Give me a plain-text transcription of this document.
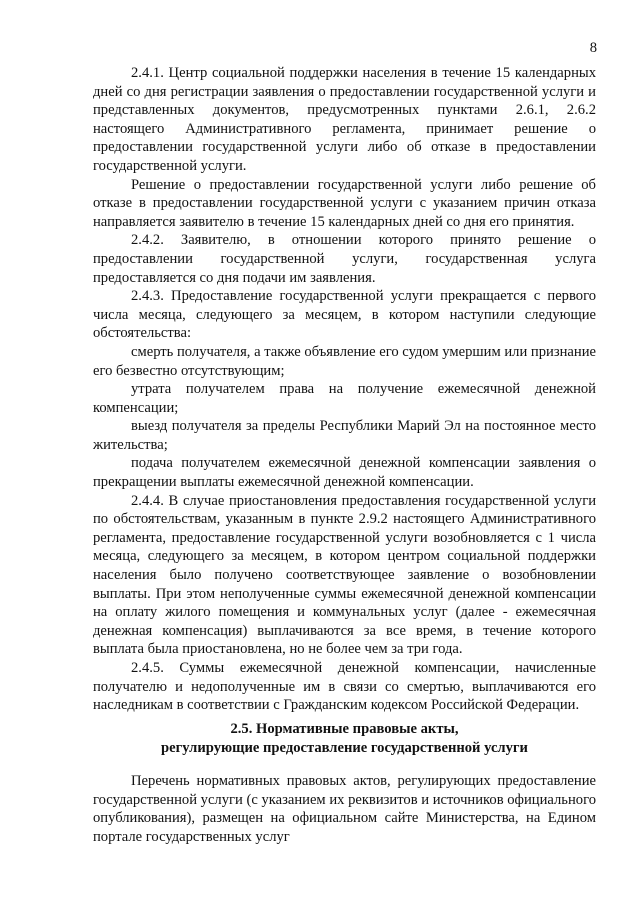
8

2.4.1. Центр социальной поддержки населения в течение 15 календарных дней со дня регистрации заявления о предоставлении государственной услуги и представленных документов, предусмотренных пунктами 2.6.1, 2.6.2 настоящего Административного регламента, принимает решение о предоставлении государственной услуги либо об отказе в предоставлении государственной услуги.

Решение о предоставлении государственной услуги либо решение об отказе в предоставлении государственной услуги с указанием причин отказа направляется заявителю в течение 15 календарных дней со дня его принятия.

2.4.2. Заявителю, в отношении которого принято решение о предоставлении государственной услуги, государственная услуга предоставляется со дня подачи им заявления.

2.4.3. Предоставление государственной услуги прекращается с первого числа месяца, следующего за месяцем, в котором наступили следующие обстоятельства:

смерть получателя, а также объявление его судом умершим или признание его безвестно отсутствующим;

утрата получателем права на получение ежемесячной денежной компенсации;

выезд получателя за пределы Республики Марий Эл на постоянное место жительства;

подача получателем ежемесячной денежной компенсации заявления о прекращении выплаты ежемесячной денежной компенсации.

2.4.4. В случае приостановления предоставления государственной услуги по обстоятельствам, указанным в пункте 2.9.2 настоящего Административного регламента, предоставление государственной услуги возобновляется с 1 числа месяца, следующего за месяцем, в котором центром социальной поддержки населения было получено соответствующее заявление о возобновлении выплаты. При этом неполученные суммы ежемесячной денежной компенсации на оплату жилого помещения и коммунальных услуг (далее - ежемесячная денежная компенсация) выплачиваются за все время, в течение которого выплата была приостановлена, но не более чем за три года.

2.4.5. Суммы ежемесячной денежной компенсации, начисленные получателю и недополученные им в связи со смертью, выплачиваются его наследникам в соответствии с Гражданским кодексом Российской Федерации.

2.5. Нормативные правовые акты,
регулирующие предоставление государственной услуги

Перечень нормативных правовых актов, регулирующих предоставление государственной услуги (с указанием их реквизитов и источников официального опубликования), размещен на официальном сайте Министерства, на Едином портале государственных услуг
